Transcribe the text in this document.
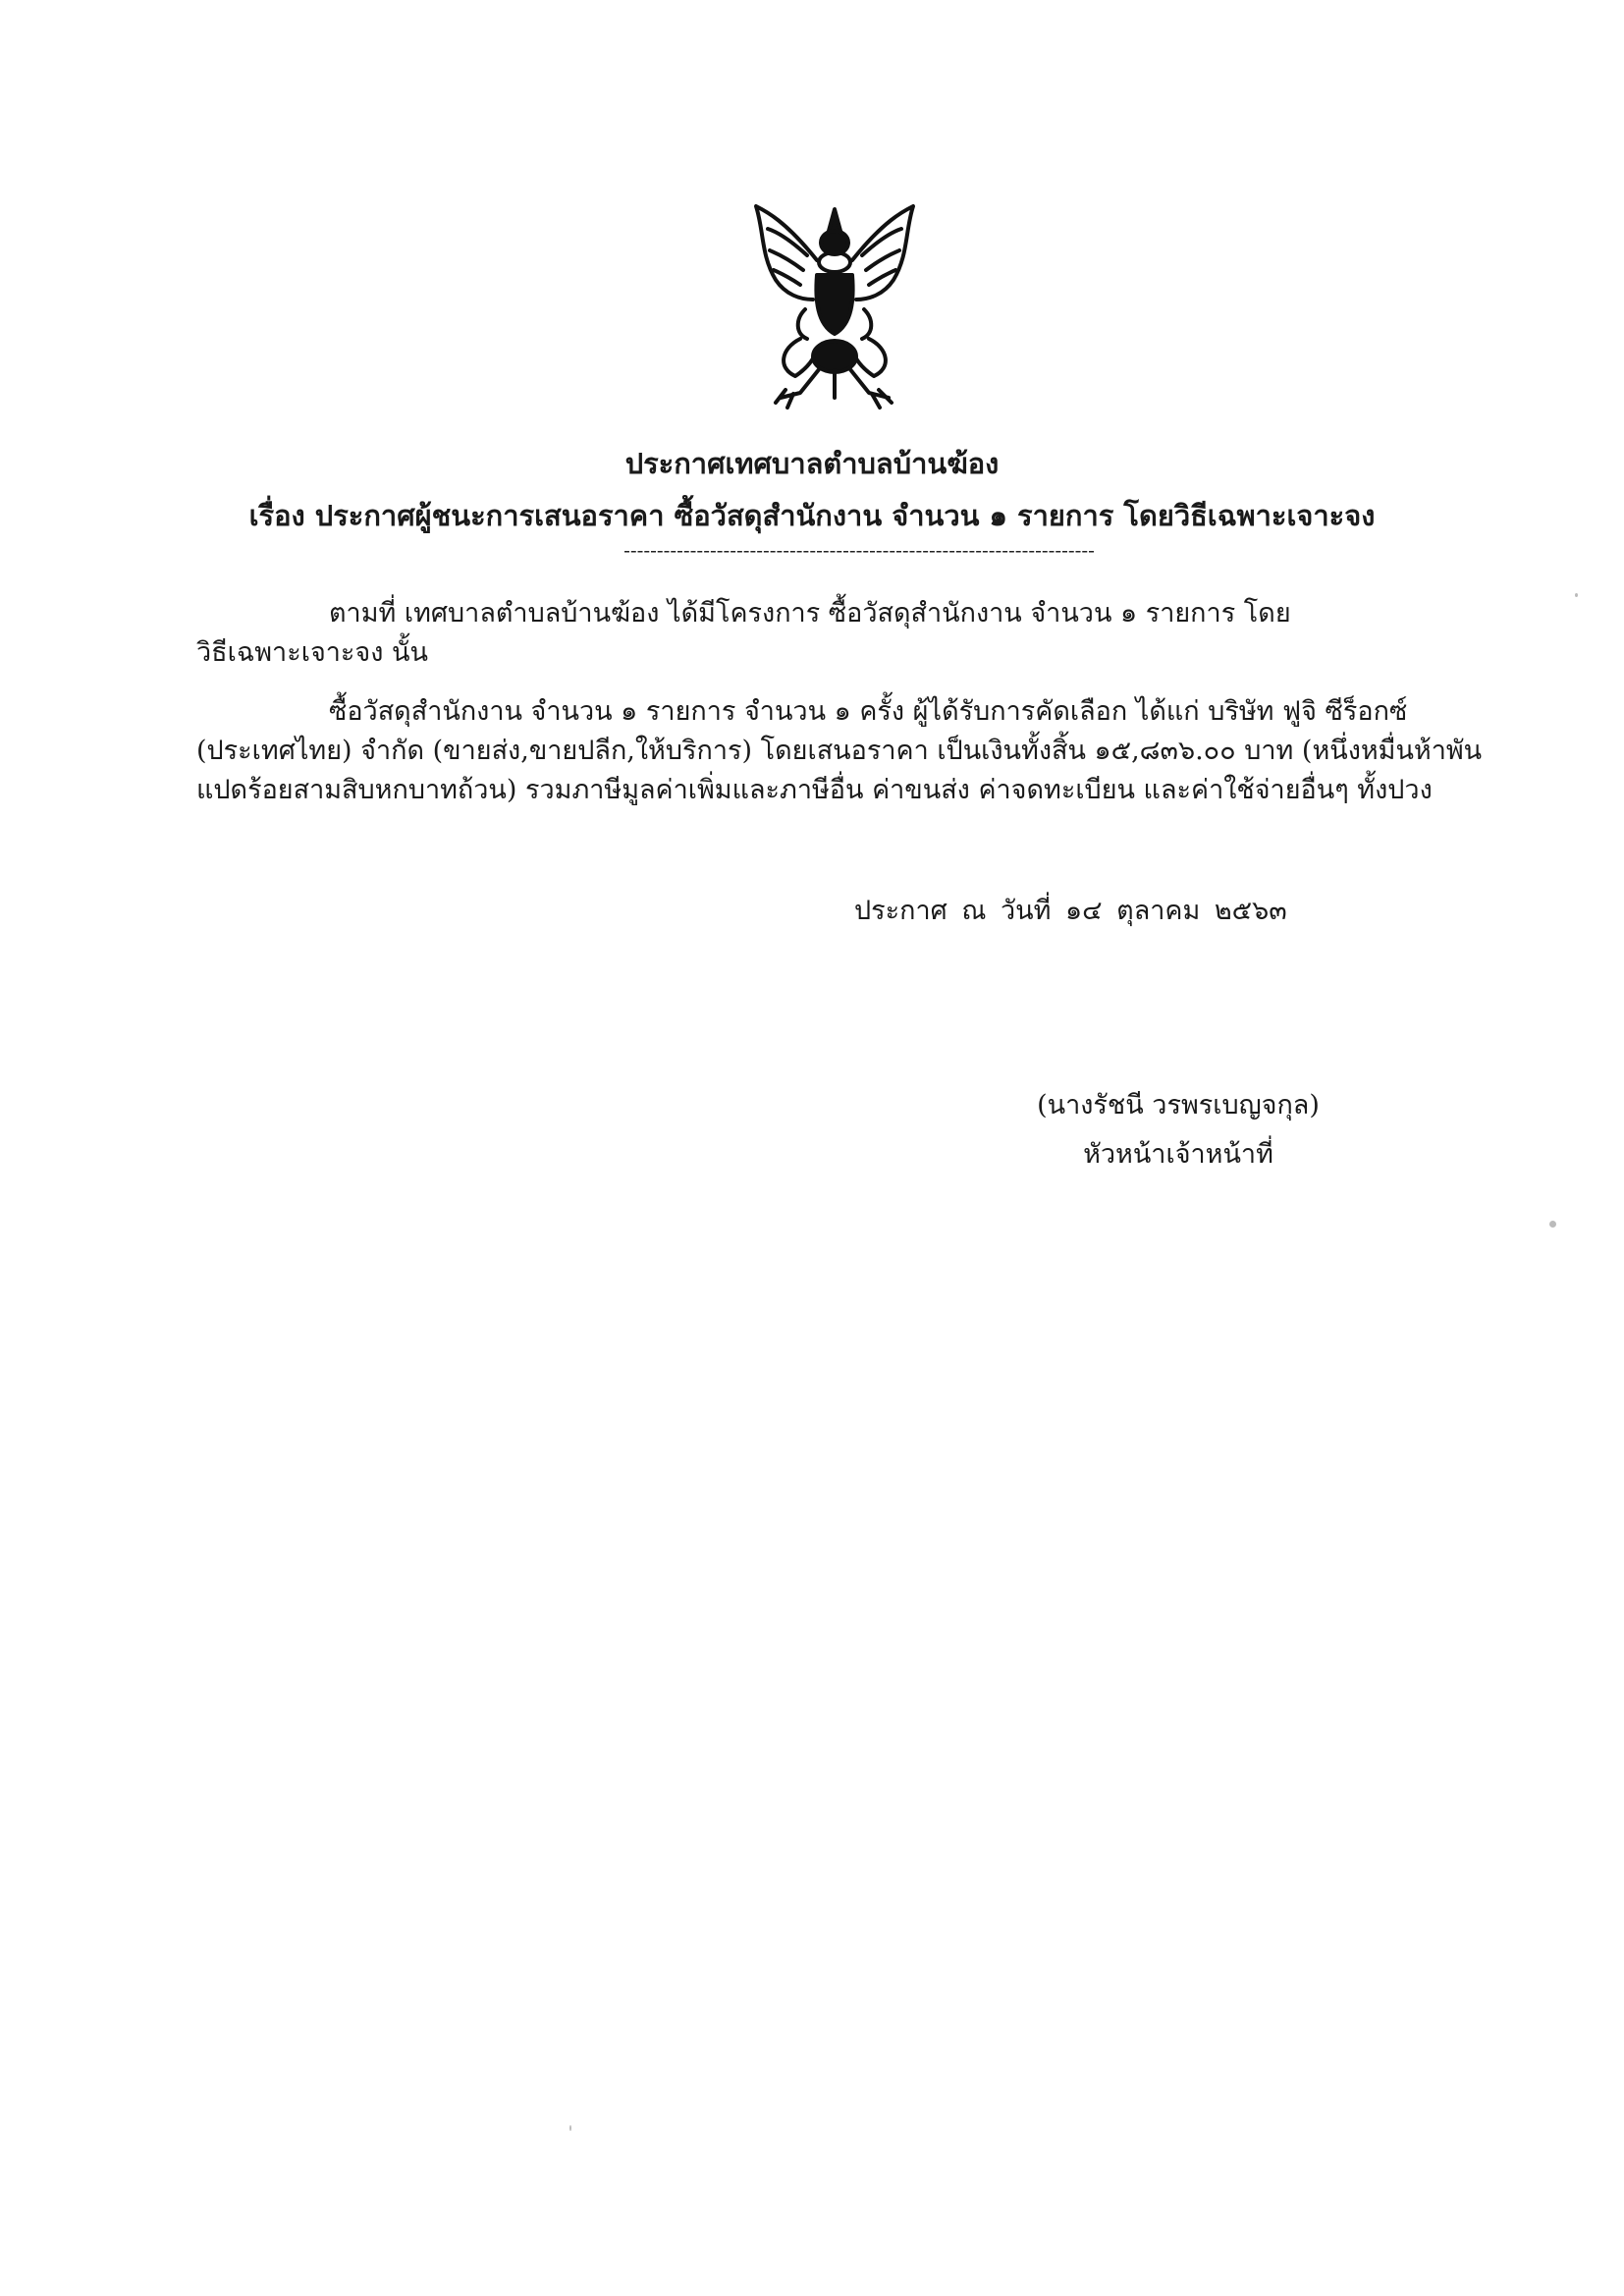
ประกาศเทศบาลตำบลบ้านฆ้อง
เรื่อง ประกาศผู้ชนะการเสนอราคา ซื้อวัสดุสำนักงาน จำนวน ๑ รายการ โดยวิธีเฉพาะเจาะจง
-----------------------------------------------------------------------
ตามที่ เทศบาลตำบลบ้านฆ้อง ได้มีโครงการ ซื้อวัสดุสำนักงาน จำนวน ๑ รายการ โดย
วิธีเฉพาะเจาะจง นั้น
ซื้อวัสดุสำนักงาน จำนวน ๑ รายการ จำนวน ๑ ครั้ง ผู้ได้รับการคัดเลือก ได้แก่ บริษัท ฟูจิ ซีร็อกซ์
(ประเทศไทย) จำกัด (ขายส่ง,ขายปลีก,ให้บริการ) โดยเสนอราคา เป็นเงินทั้งสิ้น ๑๕,๘๓๖.๐๐ บาท (หนึ่งหมื่นห้าพัน
แปดร้อยสามสิบหกบาทถ้วน) รวมภาษีมูลค่าเพิ่มและภาษีอื่น ค่าขนส่ง ค่าจดทะเบียน และค่าใช้จ่ายอื่นๆ ทั้งปวง
ประกาศ ณ วันที่ ๑๔ ตุลาคม ๒๕๖๓
(นางรัชนี วรพรเบญจกุล)
หัวหน้าเจ้าหน้าที่
